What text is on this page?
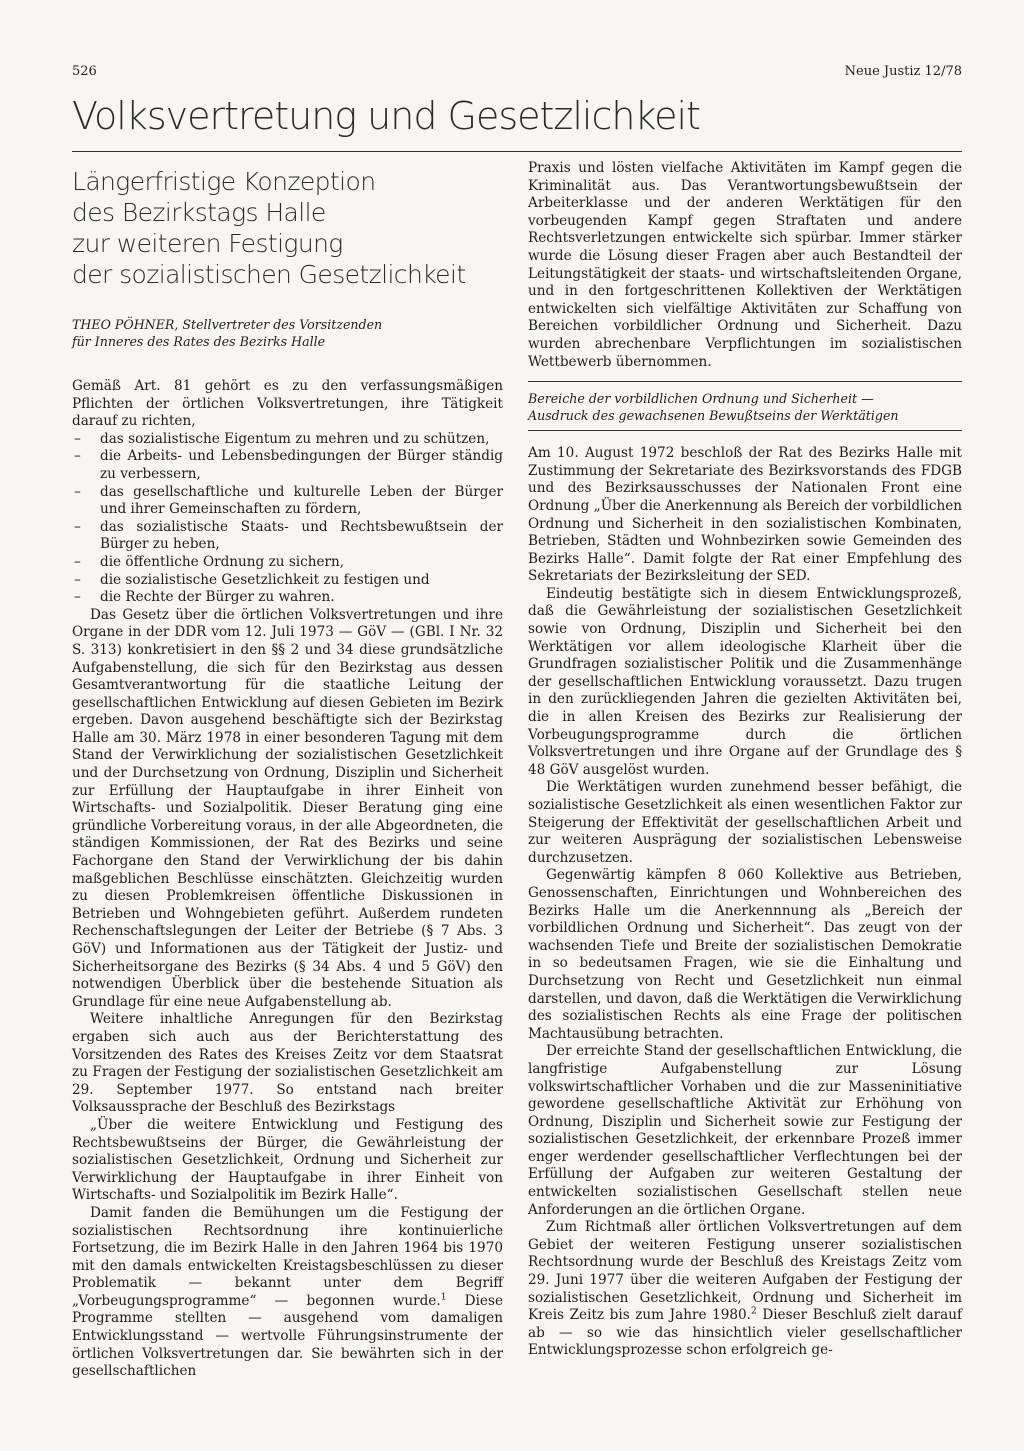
526	Neue Justiz 12/78
Volksvertretung und Gesetzlichkeit
Längerfristige Konzeption
des Bezirkstags Halle
zur weiteren Festigung
der sozialistischen Gesetzlichkeit
THEO PÖHNER, Stellvertreter des Vorsitzenden
für Inneres des Rates des Bezirks Halle

Gemäß Art. 81 gehört es zu den verfassungsmäßigen Pflichten der örtlichen Volksvertretungen, ihre Tätigkeit darauf zu richten,

– das sozialistische Eigentum zu mehren und zu schützen,
– die Arbeits- und Lebensbedingungen der Bürger ständig zu verbessern,
– das gesellschaftliche und kulturelle Leben der Bürger und ihrer Gemeinschaften zu fördern,
– das sozialistische Staats- und Rechtsbewußtsein der Bürger zu heben,
– die öffentliche Ordnung zu sichern,
– die sozialistische Gesetzlichkeit zu festigen und
– die Rechte der Bürger zu wahren.

Das Gesetz über die örtlichen Volksvertretungen und ihre Organe in der DDR vom 12. Juli 1973 — GöV — (GBl. I Nr. 32 S. 313) konkretisiert in den §§ 2 und 34 diese grundsätzliche Aufgabenstellung, die sich für den Bezirkstag aus dessen Gesamtverantwortung für die staatliche Leitung der gesellschaftlichen Entwicklung auf diesen Gebieten im Bezirk ergeben. Davon ausgehend beschäftigte sich der Bezirkstag Halle am 30. März 1978 in einer besonderen Tagung mit dem Stand der Verwirklichung der sozialistischen Gesetzlichkeit und der Durchsetzung von Ordnung, Disziplin und Sicherheit zur Erfüllung der Hauptaufgabe in ihrer Einheit von Wirtschafts- und Sozialpolitik. Dieser Beratung ging eine gründliche Vorbereitung voraus, in der alle Abgeordneten, die ständigen Kommissionen, der Rat des Bezirks und seine Fachorgane den Stand der Verwirklichung der bis dahin maßgeblichen Beschlüsse einschätzten. Gleichzeitig wurden zu diesen Problemkreisen öffentliche Diskussionen in Betrieben und Wohngebieten geführt. Außerdem rundeten Rechenschaftslegungen der Leiter der Betriebe (§ 7 Abs. 3 GöV) und Informationen aus der Tätigkeit der Justiz- und Sicherheitsorgane des Bezirks (§ 34 Abs. 4 und 5 GöV) den notwendigen Überblick über die bestehende Situation als Grundlage für eine neue Aufgabenstellung ab.

Weitere inhaltliche Anregungen für den Bezirkstag ergaben sich auch aus der Berichterstattung des Vorsitzenden des Rates des Kreises Zeitz vor dem Staatsrat zu Fragen der Festigung der sozialistischen Gesetzlichkeit am 29. September 1977. So entstand nach breiter Volksaussprache der Beschluß des Bezirkstags

„Über die weitere Entwicklung und Festigung des Rechtsbewußtseins der Bürger, die Gewährleistung der sozialistischen Gesetzlichkeit, Ordnung und Sicherheit zur Verwirklichung der Hauptaufgabe in ihrer Einheit von Wirtschafts- und Sozialpolitik im Bezirk Halle“.

Damit fanden die Bemühungen um die Festigung der sozialistischen Rechtsordnung ihre kontinuierliche Fortsetzung, die im Bezirk Halle in den Jahren 1964 bis 1970 mit den damals entwickelten Kreistagsbeschlüssen zu dieser Problematik — bekannt unter dem Begriff „Vorbeugungsprogramme“ — begonnen wurde.$^1$ Diese Programme stellten — ausgehend vom damaligen Entwicklungsstand — wertvolle Führungsinstrumente der örtlichen Volksvertretungen dar. Sie bewährten sich in der gesellschaftlichen

Praxis und lösten vielfache Aktivitäten im Kampf gegen die Kriminalität aus. Das Verantwortungsbewußtsein der Arbeiterklasse und der anderen Werktätigen für den vorbeugenden Kampf gegen Straftaten und andere Rechtsverletzungen entwickelte sich spürbar. Immer stärker wurde die Lösung dieser Fragen aber auch Bestandteil der Leitungstätigkeit der staats- und wirtschaftsleitenden Organe, und in den fortgeschrittenen Kollektiven der Werktätigen entwickelten sich vielfältige Aktivitäten zur Schaffung von Bereichen vorbildlicher Ordnung und Sicherheit. Dazu wurden abrechenbare Verpflichtungen im sozialistischen Wettbewerb übernommen.

Bereiche der vorbildlichen Ordnung und Sicherheit —

Ausdruck des gewachsenen Bewußtseins der Werktätigen

Am 10. August 1972 beschloß der Rat des Bezirks Halle mit Zustimmung der Sekretariate des Bezirksvorstands des FDGB und des Bezirksausschusses der Nationalen Front eine Ordnung „Über die Anerkennung als Bereich der vorbildlichen Ordnung und Sicherheit in den sozialistischen Kombinaten, Betrieben, Städten und Wohnbezirken sowie Gemeinden des Bezirks Halle“. Damit folgte der Rat einer Empfehlung des Sekretariats der Bezirksleitung der SED.

Eindeutig bestätigte sich in diesem Entwicklungsprozeß, daß die Gewährleistung der sozialistischen Gesetzlichkeit sowie von Ordnung, Disziplin und Sicherheit bei den Werktätigen vor allem ideologische Klarheit über die Grundfragen sozialistischer Politik und die Zusammenhänge der gesellschaftlichen Entwicklung voraussetzt. Dazu trugen in den zurückliegenden Jahren die gezielten Aktivitäten bei, die in allen Kreisen des Bezirks zur Realisierung der Vorbeugungsprogramme durch die örtlichen Volksvertretungen und ihre Organe auf der Grundlage des § 48 GöV ausgelöst wurden.

Die Werktätigen wurden zunehmend besser befähigt, die sozialistische Gesetzlichkeit als einen wesentlichen Faktor zur Steigerung der Effektivität der gesellschaftlichen Arbeit und zur weiteren Ausprägung der sozialistischen Lebensweise durchzusetzen.

Gegenwärtig kämpfen 8 060 Kollektive aus Betrieben, Genossenschaften, Einrichtungen und Wohnbereichen des Bezirks Halle um die Anerkennnung als „Bereich der vorbildlichen Ordnung und Sicherheit“. Das zeugt von der wachsenden Tiefe und Breite der sozialistischen Demokratie in so bedeutsamen Fragen, wie sie die Einhaltung und Durchsetzung von Recht und Gesetzlichkeit nun einmal darstellen, und davon, daß die Werktätigen die Verwirklichung des sozialistischen Rechts als eine Frage der politischen Machtausübung betrachten.

Der erreichte Stand der gesellschaftlichen Entwicklung, die langfristige Aufgabenstellung zur Lösung volkswirtschaftlicher Vorhaben und die zur Masseninitiative gewordene gesellschaftliche Aktivität zur Erhöhung von Ordnung, Disziplin und Sicherheit sowie zur Festigung der sozialistischen Gesetzlichkeit, der erkennbare Prozeß immer enger werdender gesellschaftlicher Verflechtungen bei der Erfüllung der Aufgaben zur weiteren Gestaltung der entwickelten sozialistischen Gesellschaft stellen neue Anforderungen an die örtlichen Organe.

Zum Richtmaß aller örtlichen Volksvertretungen auf dem Gebiet der weiteren Festigung unserer sozialistischen Rechtsordnung wurde der Beschluß des Kreistags Zeitz vom 29. Juni 1977 über die weiteren Aufgaben der Festigung der sozialistischen Gesetzlichkeit, Ordnung und Sicherheit im Kreis Zeitz bis zum Jahre 1980.$^2$ Dieser Beschluß zielt darauf ab — so wie das hinsichtlich vieler gesellschaftlicher Entwicklungsprozesse schon erfolgreich ge-
